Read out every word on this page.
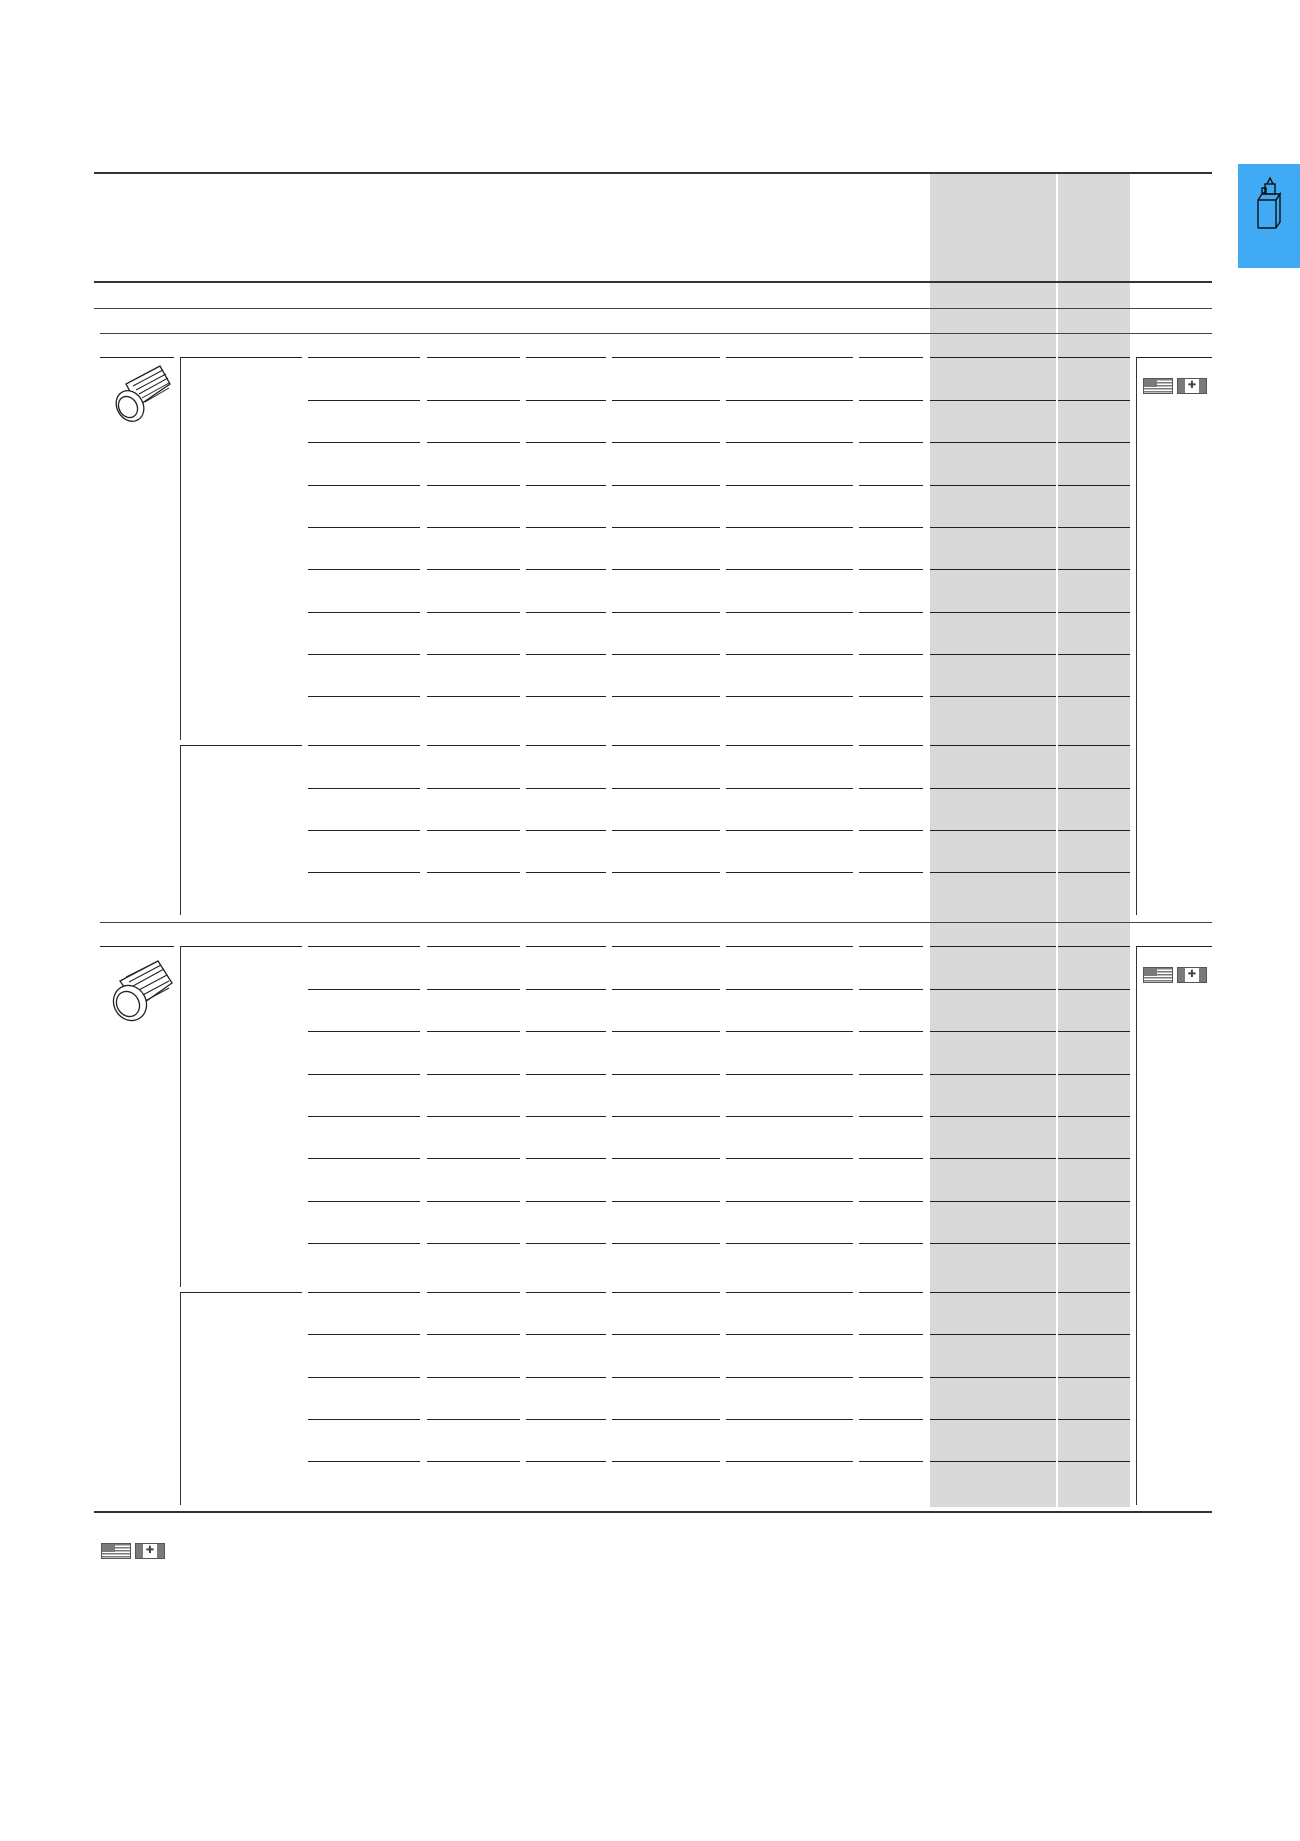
✚
✚
✚
